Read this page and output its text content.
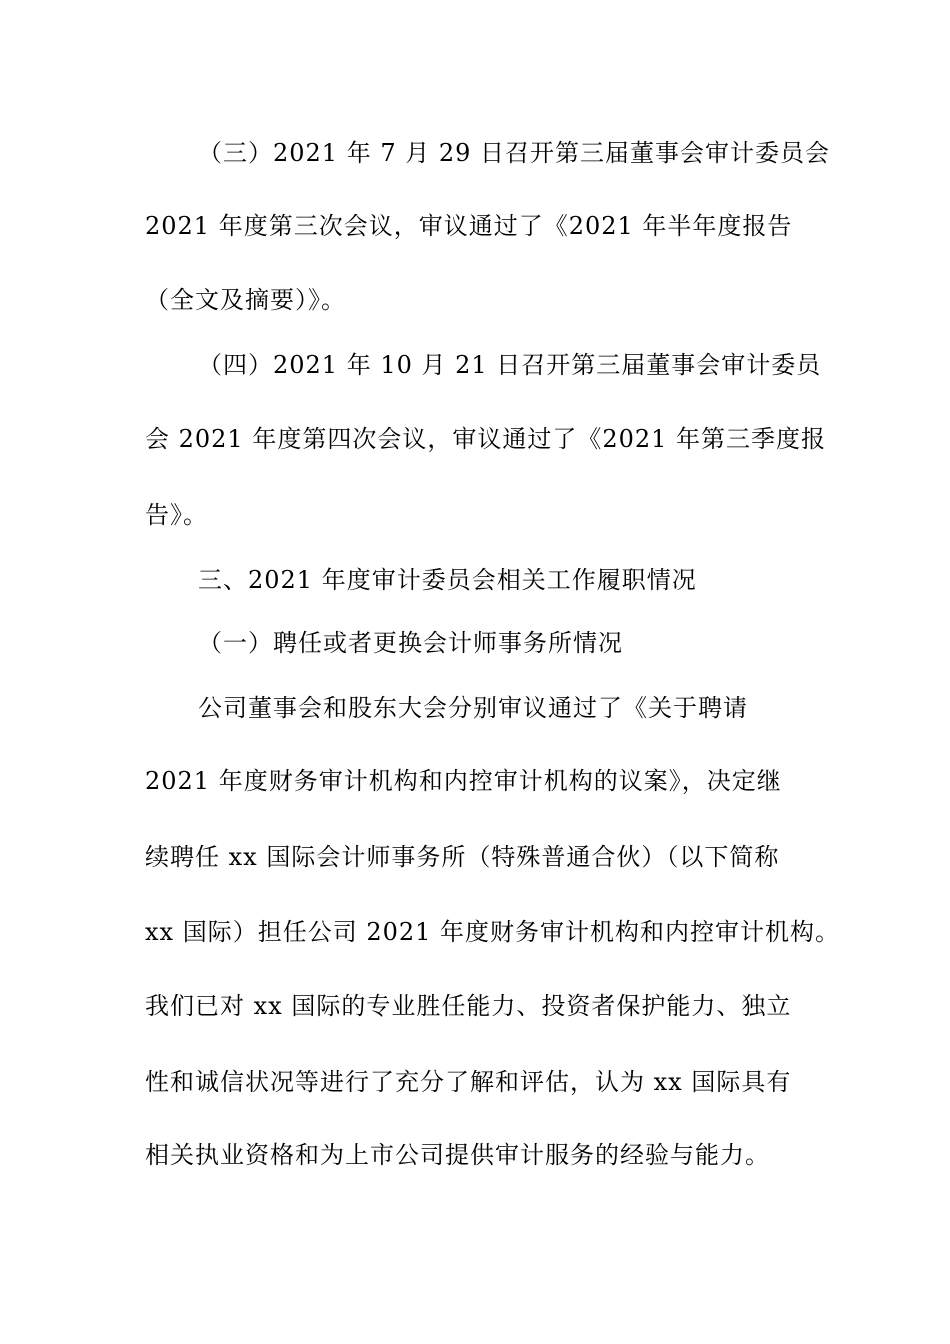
（三）2021 年 7 月 29 日召开第三届董事会审计委员会
2021 年度第三次会议，审议通过了《2021 年半年度报告
（全文及摘要）》。
（四）2021 年 10 月 21 日召开第三届董事会审计委员
会 2021 年度第四次会议，审议通过了《2021 年第三季度报
告》。
三、2021 年度审计委员会相关工作履职情况
（一）聘任或者更换会计师事务所情况
公司董事会和股东大会分别审议通过了《关于聘请
2021 年度财务审计机构和内控审计机构的议案》，决定继
续聘任 xx 国际会计师事务所（特殊普通合伙）（以下简称
xx 国际）担任公司 2021 年度财务审计机构和内控审计机构。
我们已对 xx 国际的专业胜任能力、投资者保护能力、独立
性和诚信状况等进行了充分了解和评估，认为 xx 国际具有
相关执业资格和为上市公司提供审计服务的经验与能力。
